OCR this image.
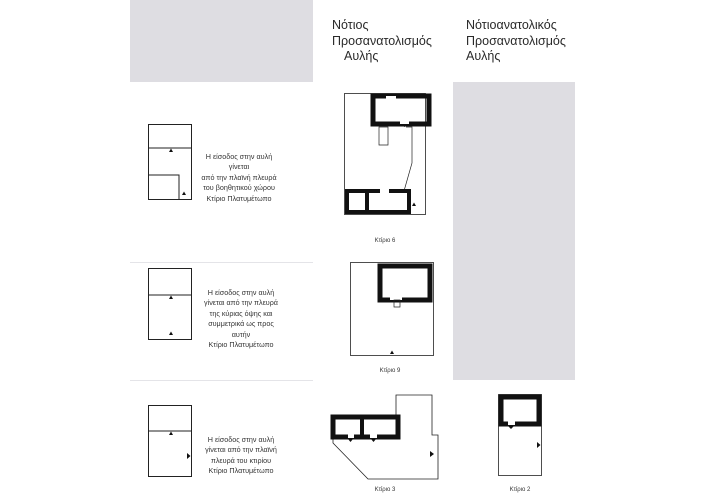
Νότιος
Προσανατολισμός
Αυλής
Νότιοανατολικός
Προσανατολισμός
Αυλής
Η είσοδος στην αυλή γίνεται
από την πλαϊνή πλευρά
του βοηθητικού χώρου
Κτίριο Πλατυμέτωπο
Κτίριο 6
Η είσοδος στην αυλή
γίνεται από την πλευρά
της κύριας όψης και
συμμετρικά ως προς αυτήν
Κτίριο Πλατυμέτωπο
Κτίριο 9
Η είσοδος στην αυλή
γίνεται από την πλαϊνή
πλευρά του κτιρίου
Κτίριο Πλατυμέτωπο
Κτίριο 3	Κτίριο 2
